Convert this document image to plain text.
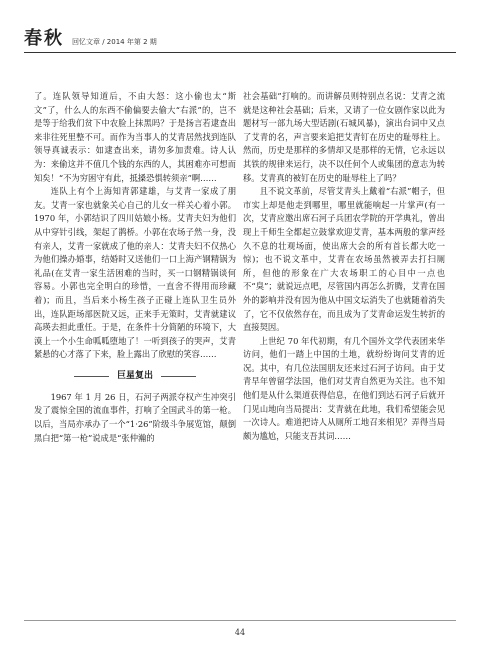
春秋 回忆文章 / 2014 年第 2 期

了。连队领导知道后，不由大怒：这小偷也太“斯文”了，什么人的东西不偷偏要去偷大“右派”的，岂不是等于给我们贫下中农脸上抹黑吗？于是扬言若逮查出来非往死里整不可。而作为当事人的艾青居然找到连队领导真诚表示：如逮查出来，请勿多加责难。诗人认为：来偷这并不值几个钱的东西的人，其困难亦可想而知矣！“不为穷困守有此，抵搡恐惧转须亲”啊……

连队上有个上海知青郭建雄，与艾青一家成了朋友。艾青一家也就象关心自己的儿女一样关心着小郭。1970 年，小郭结识了四川姑娘小杨。艾青夫妇为他们从中穿针引线，架起了鹊桥。小郭在农场子然一身，没有亲人，艾青一家就成了他的亲人：艾青夫妇不仅热心为他们操办婚事，结婚时又送他们一口上海产钢精锅为礼品(在艾青一家生活困难的当时，买一口钢精锅谈何容易。小郭也完全明白的珍惜，一直舍不得用而珍藏着)；而且，当后来小杨生孩子正碰上连队卫生员外出，连队距场部医院又远，正来手无策时，艾青就建议高瑛去担此重任。于是，在条件十分简陋的环境下，大漠上一个小生命呱呱堕地了！一听到孩子的哭声，艾青紧悬的心才落了下来，脸上露出了欣慰的笑容……

巨星复出

1967 年 1 月 26 日，石河子两派夺权产生冲突引发了震惊全国的流血事件，打响了全国武斗的第一枪。以后，当局亦承办了一个“1·26”阶级斗争展览馆，颠倒黑白把“第一枪”说成是“张仲瀚的

社会基础”打响的。而讲解员则特别点名说：艾青之流就是这种社会基础；后来，又请了一位女剧作家以此为题材写一部九场大型话剧(石城风暴)，演出台词中又点了艾青的名，声言要来追把艾青钉在历史的耻辱柱上。然而，历史是那样的多情却又是那样的无情，它永远以其铁的规律来运行，决不以任何个人或集团的意志为转移。艾青真的被钉在历史的耻辱柱上了吗？

且不说文革前，尽管艾青头上戴着“右派”帽子，但市实上却是他走到哪里，哪里就能响起一片掌声(有一次，艾青应邀出席石河子兵团农学院的开学典礼，曾出现上千师生全都起立鼓掌欢迎艾青，基本两般的掌声经久不息的壮观场面，使出席大会的所有首长都大吃一惊)；也不说文革中，艾青在农场虽然被弄去打扫厕所，但他的形象在广大农场职工的心目中一点也不“臭”；就说远点吧，尽管国内再怎么折腾，艾青在国外的影响并没有因为他从中国文坛消失了也就随着消失了，它不仅依然存在，而且成为了艾青命运发生转折的直接契因。

上世纪 70 年代初期，有几个国外文学代表团来华访问，他们一踏上中国的土地，就纷纷询问艾青的近况。其中，有几位法国朋友还来过石河子访问。由于艾青早年曾留学法国，他们对艾青自然更为关注。也不知他们是从什么渠道获得信息，在他们到达石河子后就开门见山地向当局提出：艾青就在此地，我们希望能会见一次诗人。难道把诗人从厕所工地召来相见？弄得当局颇为尴尬，只能支吾其词……

44
